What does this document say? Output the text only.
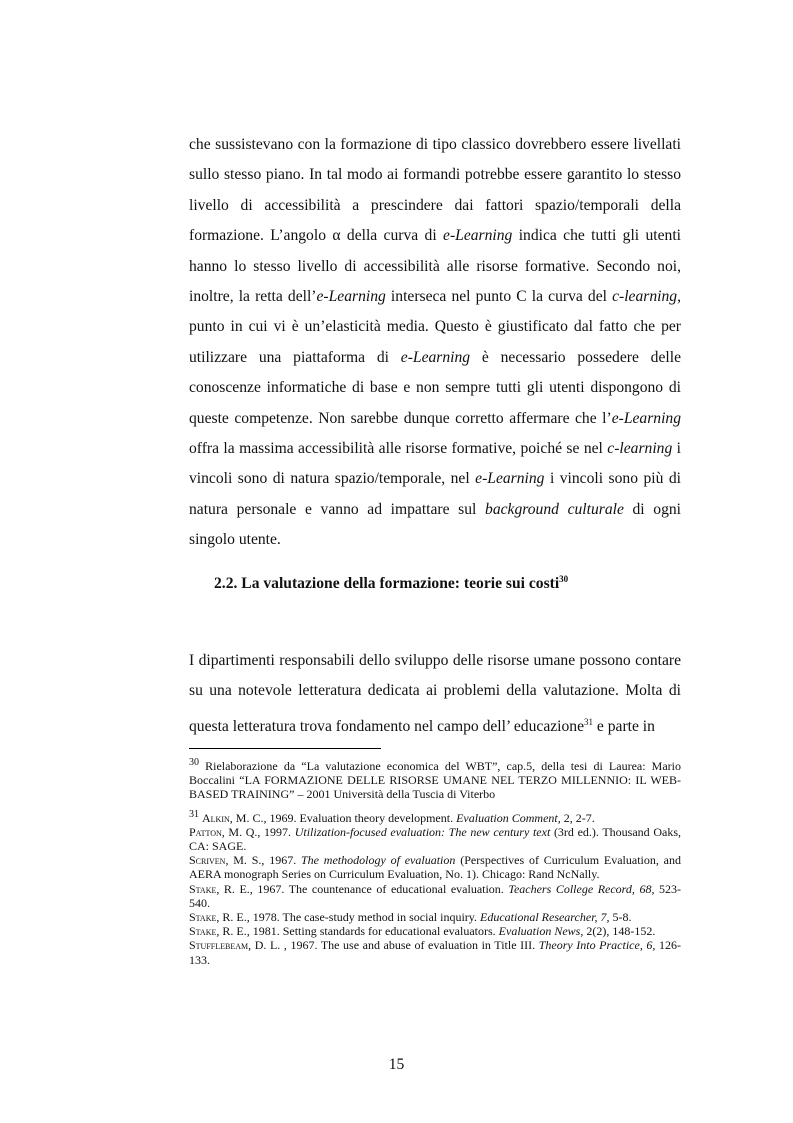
che sussistevano con la formazione di tipo classico dovrebbero essere livellati sullo stesso piano. In tal modo ai formandi potrebbe essere garantito lo stesso livello di accessibilità a prescindere dai fattori spazio/temporali della formazione. L’angolo α della curva di e-Learning indica che tutti gli utenti hanno lo stesso livello di accessibilità alle risorse formative. Secondo noi, inoltre, la retta dell’e-Learning interseca nel punto C la curva del c-learning, punto in cui vi è un’elasticità media. Questo è giustificato dal fatto che per utilizzare una piattaforma di e-Learning è necessario possedere delle conoscenze informatiche di base e non sempre tutti gli utenti dispongono di queste competenze. Non sarebbe dunque corretto affermare che l’e-Learning offra la massima accessibilità alle risorse formative, poiché se nel c-learning i vincoli sono di natura spazio/temporale, nel e-Learning i vincoli sono più di natura personale e vanno ad impattare sul background culturale di ogni singolo utente.

2.2. La valutazione della formazione: teorie sui costi$^{30}$

I dipartimenti responsabili dello sviluppo delle risorse umane possono contare su una notevole letteratura dedicata ai problemi della valutazione. Molta di questa letteratura trova fondamento nel campo dell’ educazione$^{31}$ e parte in

$^{30}$ Rielaborazione da “La valutazione economica del WBT”, cap.5, della tesi di Laurea: Mario Boccalini “LA FORMAZIONE DELLE RISORSE UMANE NEL TERZO MILLENNIO: IL WEB-BASED TRAINING” – 2001 Università della Tuscia di Viterbo
$^{31}$ Alkin, M. C., 1969. Evaluation theory development. Evaluation Comment, 2, 2-7.
Patton, M. Q., 1997. Utilization-focused evaluation: The new century text (3rd ed.). Thousand Oaks, CA: SAGE.
Scriven, M. S., 1967. The methodology of evaluation (Perspectives of Curriculum Evaluation, and AERA monograph Series on Curriculum Evaluation, No. 1). Chicago: Rand NcNally.
Stake, R. E., 1967. The countenance of educational evaluation. Teachers College Record, 68, 523-540.
Stake, R. E., 1978. The case-study method in social inquiry. Educational Researcher, 7, 5-8.
Stake, R. E., 1981. Setting standards for educational evaluators. Evaluation News, 2(2), 148-152.
Stufflebeam, D. L. , 1967. The use and abuse of evaluation in Title III. Theory Into Practice, 6, 126-133.
15
